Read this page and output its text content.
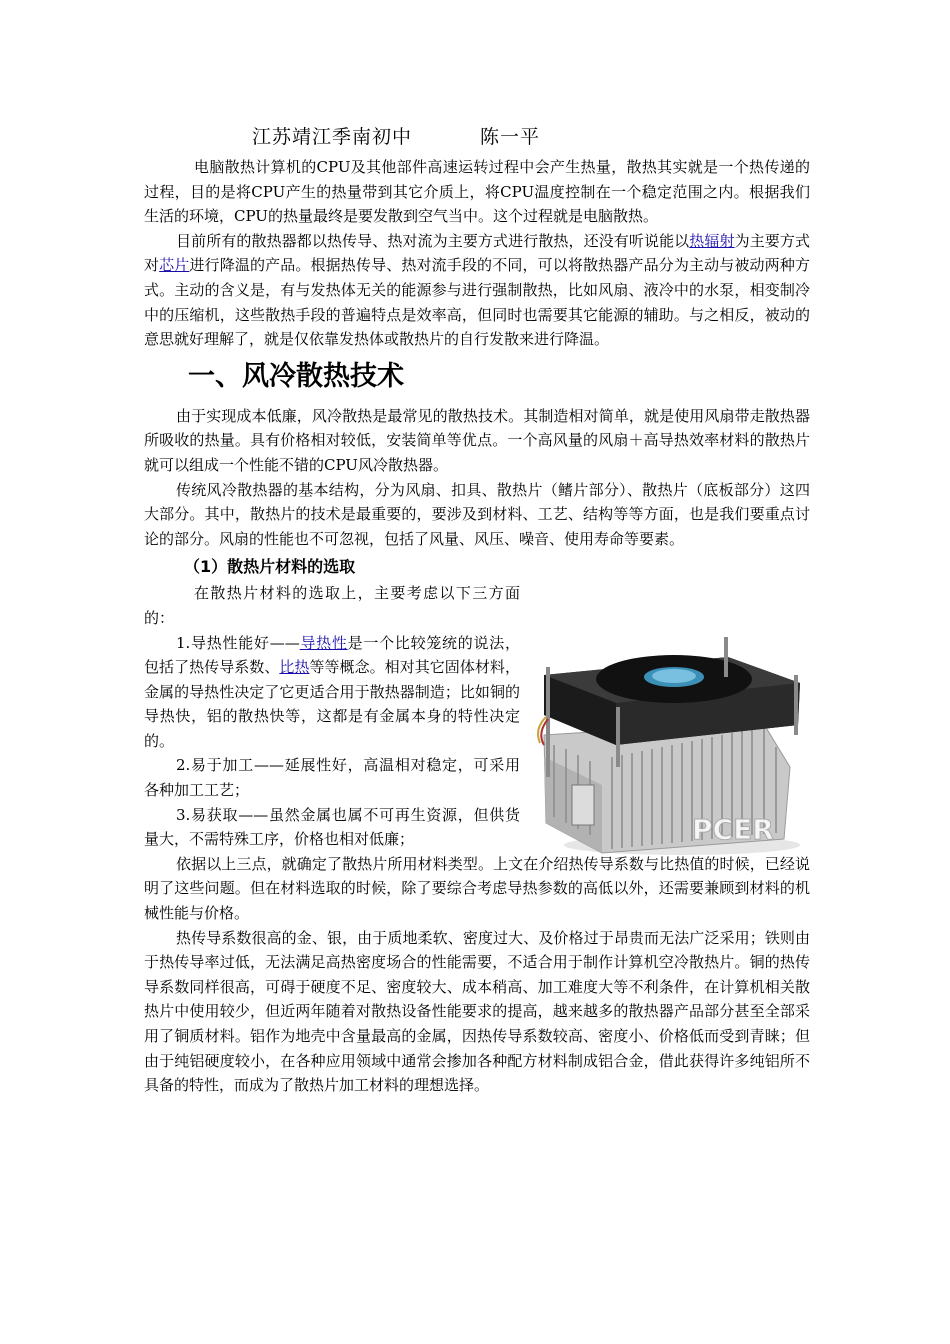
江苏靖江季南初中	陈一平

电脑散热计算机的CPU及其他部件高速运转过程中会产生热量，散热其实就是一个热传递的过程，目的是将CPU产生的热量带到其它介质上，将CPU温度控制在一个稳定范围之内。根据我们生活的环境，CPU的热量最终是要发散到空气当中。这个过程就是电脑散热。

目前所有的散热器都以热传导、热对流为主要方式进行散热，还没有听说能以热辐射为主要方式对芯片进行降温的产品。根据热传导、热对流手段的不同，可以将散热器产品分为主动与被动两种方式。主动的含义是，有与发热体无关的能源参与进行强制散热，比如风扇、液冷中的水泵，相变制冷中的压缩机，这些散热手段的普遍特点是效率高，但同时也需要其它能源的辅助。与之相反，被动的意思就好理解了，就是仅依靠发热体或散热片的自行发散来进行降温。

一、风冷散热技术

由于实现成本低廉，风冷散热是最常见的散热技术。其制造相对简单，就是使用风扇带走散热器所吸收的热量。具有价格相对较低，安装简单等优点。一个高风量的风扇＋高导热效率材料的散热片就可以组成一个性能不错的CPU风冷散热器。

传统风冷散热器的基本结构，分为风扇、扣具、散热片（鳍片部分）、散热片（底板部分）这四大部分。其中，散热片的技术是最重要的，要涉及到材料、工艺、结构等等方面，也是我们要重点讨论的部分。风扇的性能也不可忽视，包括了风量、风压、噪音、使用寿命等要素。

（1）散热片材料的选取

在散热片材料的选取上，主要考虑以下三方面的：

1.导热性能好——导热性是一个比较笼统的说法，包括了热传导系数、比热等等概念。相对其它固体材料，金属的导热性决定了它更适合用于散热器制造；比如铜的导热快，铝的散热快等，这都是有金属本身的特性决定的。

2.易于加工——延展性好，高温相对稳定，可采用各种加工工艺；

3.易获取——虽然金属也属不可再生资源，但供货量大，不需特殊工序，价格也相对低廉；	PCER

依据以上三点，就确定了散热片所用材料类型。上文在介绍热传导系数与比热值的时候，已经说明了这些问题。但在材料选取的时候，除了要综合考虑导热参数的高低以外，还需要兼顾到材料的机械性能与价格。

热传导系数很高的金、银，由于质地柔软、密度过大、及价格过于昂贵而无法广泛采用；铁则由于热传导率过低，无法满足高热密度场合的性能需要，不适合用于制作计算机空冷散热片。铜的热传导系数同样很高，可碍于硬度不足、密度较大、成本稍高、加工难度大等不利条件，在计算机相关散热片中使用较少，但近两年随着对散热设备性能要求的提高，越来越多的散热器产品部分甚至全部采用了铜质材料。铝作为地壳中含量最高的金属，因热传导系数较高、密度小、价格低而受到青睐；但由于纯铝硬度较小，在各种应用领域中通常会掺加各种配方材料制成铝合金，借此获得许多纯铝所不具备的特性，而成为了散热片加工材料的理想选择。
